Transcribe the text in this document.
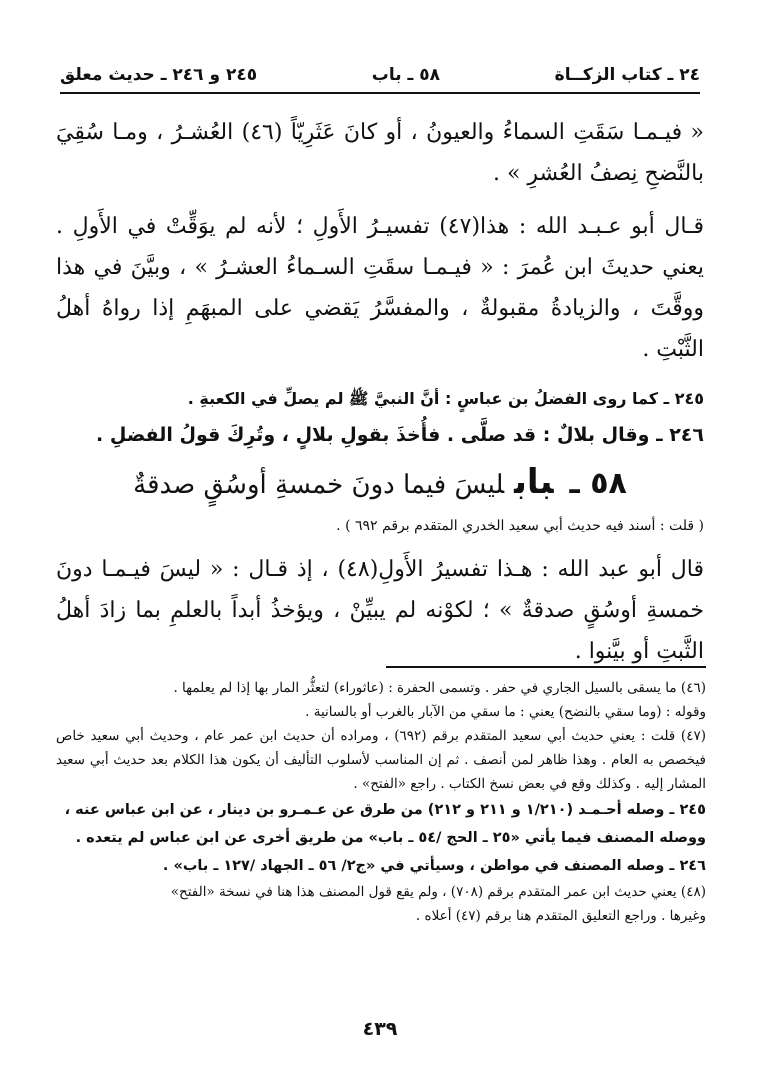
٢٤ ـ كتاب الزكــاة
٥٨ ـ باب
٢٤٥ و ٢٤٦ ـ حديث معلق

« فيـمـا سَقَتِ السماءُ والعيونُ ، أو كانَ عَثَرِيّاً (٤٦) العُشـرُ ، ومـا سُقِيَ بالنَّضحِ نِصفُ العُشرِ » .

قـال أبو عـبـد الله : هذا(٤٧) تفسيـرُ الأَولِ ؛ لأنه لم يوَقِّتْ في الأَولِ . يعني حديثَ ابن عُمرَ : « فيـمـا سقَتِ السـماءُ العشـرُ » ، وبيَّنَ في هذا ووقَّتَ ، والزيادةُ مقبولةٌ ، والمفسَّرُ يَقضي على المبهَمِ إذا رواهُ أهلُ الثَّبْتِ .

٢٤٥ ـ كما روى الفضلُ بن عباسٍ : أنَّ النبيَّ ﷺ لم يصلِّ في الكعبةِ .

٢٤٦ ـ وقال بلالٌ : قد صلَّى . فأُخذَ بقولِ بلالٍ ، وتُرِكَ قولُ الفضلِ .

٥٨ ـبابليسَ فيما دونَ خمسةِ أوسُقٍ صدقةٌ

( قلت : أسند فيه حديث أبي سعيد الخدري المتقدم برقم ٦٩٢ ) .

قال أبو عبد الله : هـذا تفسيرُ الأَولِ(٤٨) ، إذ قـال : « ليسَ فيـمـا دونَ خمسةِ أوسُقٍ صدقةٌ » ؛ لكوْنه لم يبيِّنْ ، ويؤخذُ أبداً بالعلمِ بما زادَ أهلُ الثَّبتِ أو بيَّنوا .

(٤٦) ما يسقى بالسيل الجاري في حفر . وتسمى الحفرة : (عاثوراء) لتعثُّر المار بها إذا لم يعلمها .

وقوله : (وما سقي بالنضح) يعني : ما سقي من الآبار بالغرب أو بالسانية .

(٤٧) قلت : يعني حديث أبي سعيد المتقدم برقم (٦٩٢) ، ومراده أن حديث ابن عمر عام ، وحديث أبي سعيد خاص فيخصص به العام . وهذا ظاهر لمن أنصف . ثم إن المناسب لأسلوب التأليف أن يكون هذا الكلام بعد حديث أبي سعيد المشار إليه . وكذلك وقع في بعض نسخ الكتاب . راجع «الفتح» .

٢٤٥ ـ وصله أحـمـد (١/٢١٠ و ٢١١ و ٢١٢) من طرق عن عـمـرو بن دينار ، عن ابن عباس عنه ، ووصله المصنف فيما يأتي «٢٥ ـ الحج /٥٤ ـ باب» من طريق أخرى عن ابن عباس لم يتعده .

٢٤٦ ـ وصله المصنف في مواطن ، وسيأتي في «ج٢/ ٥٦ ـ الجهاد /١٢٧ ـ باب» .

(٤٨) يعني حديث ابن عمر المتقدم برقم (٧٠٨) ، ولم يقع قول المصنف هذا هنا في نسخة «الفتح»

وغيرها . وراجع التعليق المتقدم هنا برقم (٤٧) أعلاه .

٤٣٩
